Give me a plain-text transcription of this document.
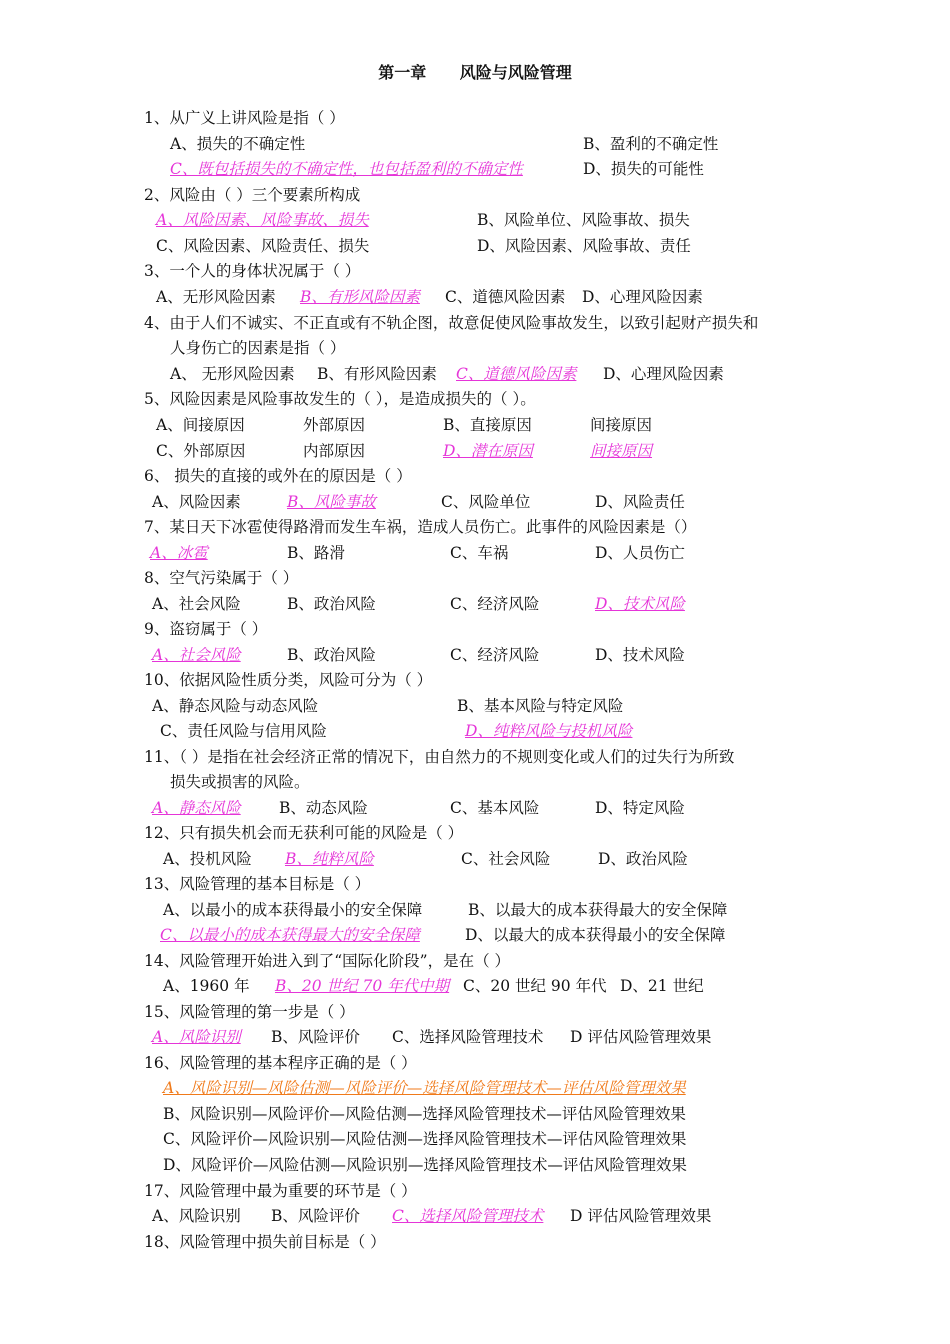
第一章      风险与风险管理
1、从广义上讲风险是指（ ）
A、损失的不确定性	B、盈利的不确定性
C、既包括损失的不确定性，也包括盈利的不确定性	D、损失的可能性
2、风险由（ ）三个要素所构成
A、风险因素、风险事故、损失	B、风险单位、风险事故、损失
C、风险因素、风险责任、损失	D、风险因素、风险事故、责任
3、一个人的身体状况属于（ ）
A、无形风险因素 B、有形风险因素 C、道德风险因素 D、心理风险因素
4、由于人们不诚实、不正直或有不轨企图，故意促使风险事故发生，以致引起财产损失和
人身伤亡的因素是指（ ）
A、 无形风险因素 B、有形风险因素 C、道德风险因素 D、心理风险因素
5、风险因素是风险事故发生的（ ），是造成损失的（ ）。
A、间接原因	外部原因	B、直接原因	间接原因
C、外部原因	内部原因	D、潜在原因	间接原因
6、 损失的直接的或外在的原因是（ ）
A、风险因素	B、风险事故	C、风险单位	D、风险责任
7、某日天下冰雹使得路滑而发生车祸，造成人员伤亡。此事件的风险因素是（）
A、冰雹	B、路滑	C、车祸	D、人员伤亡
8、空气污染属于（ ）
A、社会风险	B、政治风险	C、经济风险	D、技术风险
9、盗窃属于（ ）
A、社会风险	B、政治风险	C、经济风险	D、技术风险
10、依据风险性质分类，风险可分为（ ）
A、静态风险与动态风险	B、基本风险与特定风险
C、责任风险与信用风险	D、纯粹风险与投机风险
11、（ ）是指在社会经济正常的情况下，由自然力的不规则变化或人们的过失行为所致
损失或损害的风险。
A、静态风险 B、动态风险	C、基本风险	D、特定风险
12、只有损失机会而无获利可能的风险是（ ）
A、投机风险 B、纯粹风险	C、社会风险	D、政治风险
13、风险管理的基本目标是（ ）
A、以最小的成本获得最小的安全保障	B、以最大的成本获得最大的安全保障
C、以最小的成本获得最大的安全保障	D、以最大的成本获得最小的安全保障
14、风险管理开始进入到了“国际化阶段”，是在（ ）
A、1960 年 B、20 世纪 70 年代中期 C、20 世纪 90 年代 D、21 世纪
15、风险管理的第一步是（ ）
A、风险识别 B、风险评价 C、选择风险管理技术 D 评估风险管理效果
16、风险管理的基本程序正确的是（ ）
A、风险识别—风险估测—风险评价—选择风险管理技术—评估风险管理效果
B、风险识别—风险评价—风险估测—选择风险管理技术—评估风险管理效果
C、风险评价—风险识别—风险估测—选择风险管理技术—评估风险管理效果
D、风险评价—风险估测—风险识别—选择风险管理技术—评估风险管理效果
17、风险管理中最为重要的环节是（ ）
A、风险识别 B、风险评价 C、选择风险管理技术 D 评估风险管理效果
18、风险管理中损失前目标是（ ）
